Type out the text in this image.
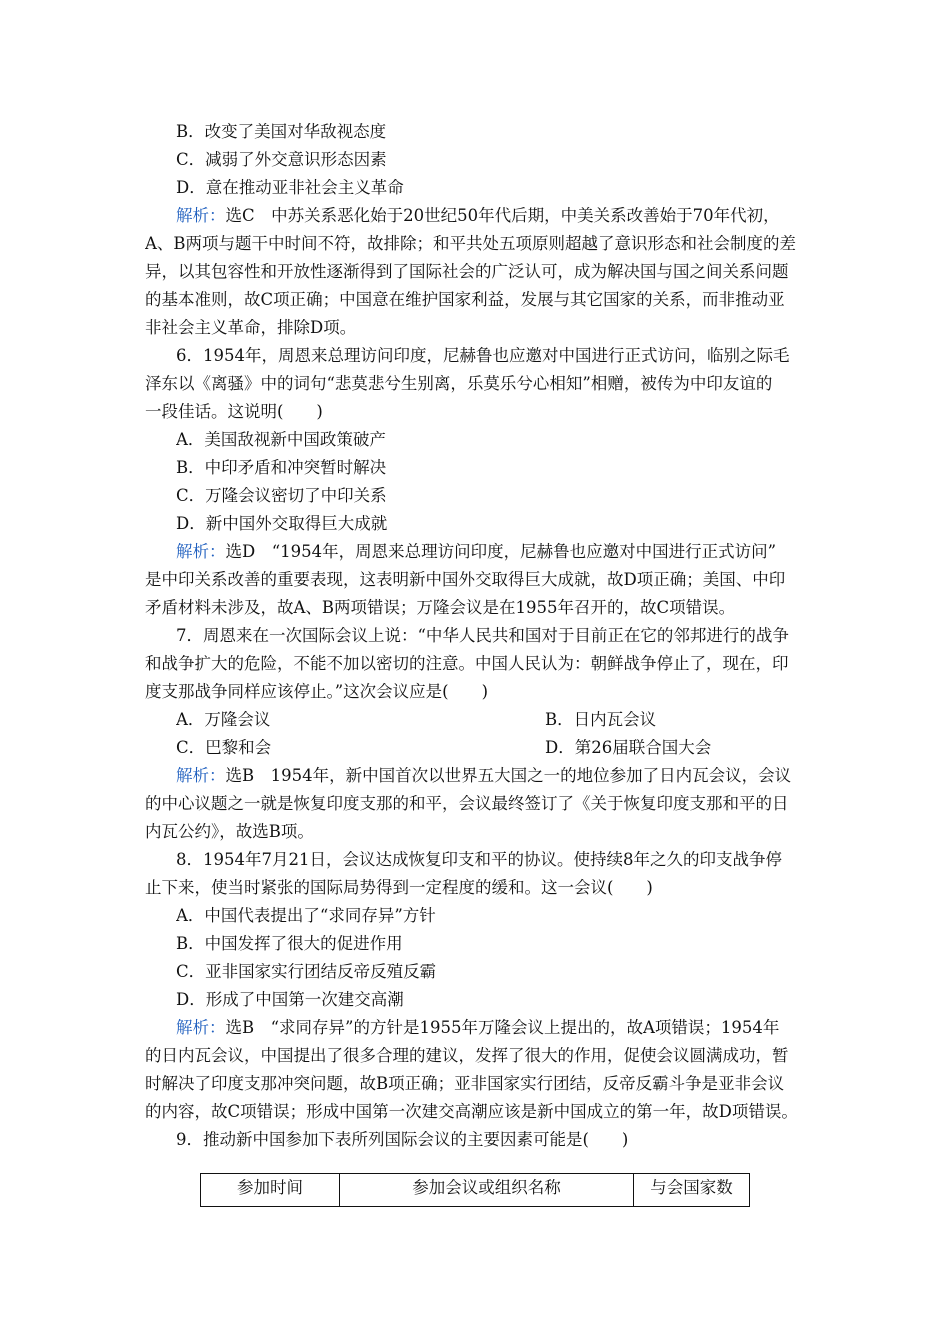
B．改变了美国对华敌视态度
C．减弱了外交意识形态因素
D．意在推动亚非社会主义革命
解析：选C　中苏关系恶化始于20世纪50年代后期，中美关系改善始于70年代初，
A、B两项与题干中时间不符，故排除；和平共处五项原则超越了意识形态和社会制度的差
异，以其包容性和开放性逐渐得到了国际社会的广泛认可，成为解决国与国之间关系问题
的基本准则，故C项正确；中国意在维护国家利益，发展与其它国家的关系，而非推动亚
非社会主义革命，排除D项。
6．1954年，周恩来总理访问印度，尼赫鲁也应邀对中国进行正式访问，临别之际毛
泽东以《离骚》中的词句“悲莫悲兮生别离，乐莫乐兮心相知”相赠，被传为中印友谊的
一段佳话。这说明(　　)
A．美国敌视新中国政策破产
B．中印矛盾和冲突暂时解决
C．万隆会议密切了中印关系
D．新中国外交取得巨大成就
解析：选D　“1954年，周恩来总理访问印度，尼赫鲁也应邀对中国进行正式访问”
是中印关系改善的重要表现，这表明新中国外交取得巨大成就，故D项正确；美国、中印
矛盾材料未涉及，故A、B两项错误；万隆会议是在1955年召开的，故C项错误。
7．周恩来在一次国际会议上说：“中华人民共和国对于目前正在它的邻邦进行的战争
和战争扩大的危险，不能不加以密切的注意。中国人民认为：朝鲜战争停止了，现在，印
度支那战争同样应该停止。”这次会议应是(　　)
A．万隆会议	B．日内瓦会议
C．巴黎和会	D．第26届联合国大会
解析：选B　1954年，新中国首次以世界五大国之一的地位参加了日内瓦会议，会议
的中心议题之一就是恢复印度支那的和平，会议最终签订了《关于恢复印度支那和平的日
内瓦公约》，故选B项。
8．1954年7月21日，会议达成恢复印支和平的协议。使持续8年之久的印支战争停
止下来，使当时紧张的国际局势得到一定程度的缓和。这一会议(　　)
A．中国代表提出了“求同存异”方针
B．中国发挥了很大的促进作用
C．亚非国家实行团结反帝反殖反霸
D．形成了中国第一次建交高潮
解析：选B　“求同存异”的方针是1955年万隆会议上提出的，故A项错误；1954年
的日内瓦会议，中国提出了很多合理的建议，发挥了很大的作用，促使会议圆满成功，暂
时解决了印度支那冲突问题，故B项正确；亚非国家实行团结，反帝反霸斗争是亚非会议
的内容，故C项错误；形成中国第一次建交高潮应该是新中国成立的第一年，故D项错误。
9．推动新中国参加下表所列国际会议的主要因素可能是(　　)
参加时间	参加会议或组织名称	与会国家数
